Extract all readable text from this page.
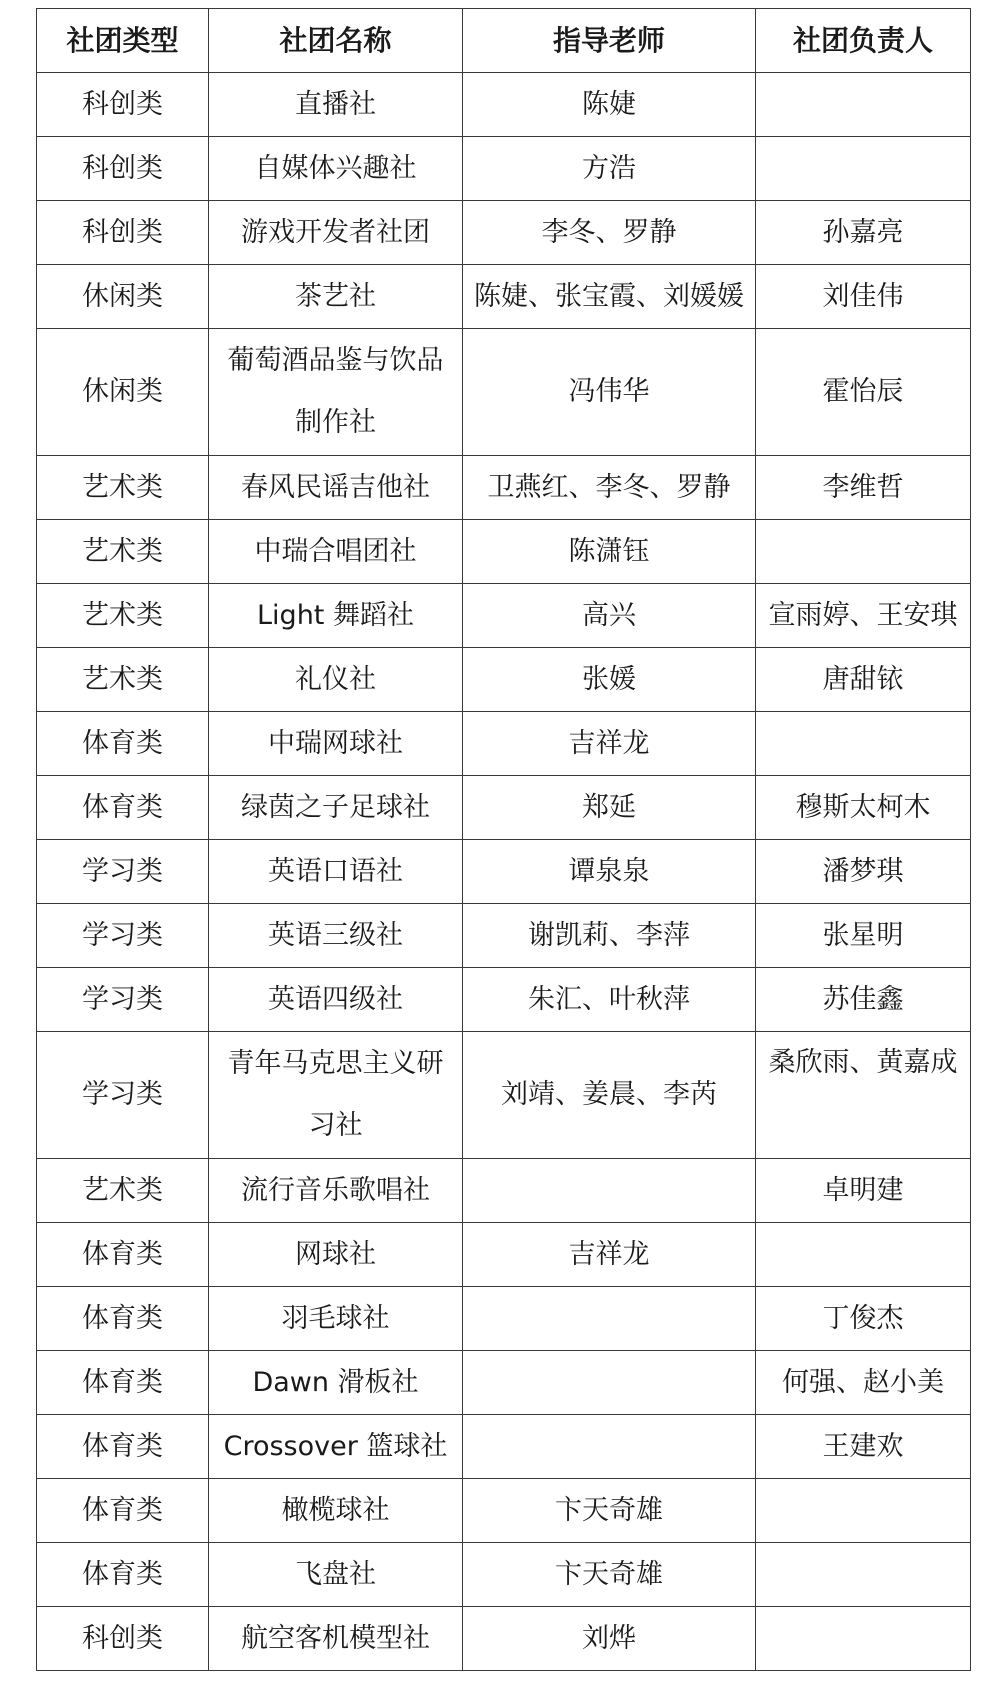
社团类型	社团名称	指导老师	社团负责人
科创类	直播社	陈婕	
科创类	自媒体兴趣社	方浩	
科创类	游戏开发者社团	李冬、罗静	孙嘉亮
休闲类	茶艺社	陈婕、张宝霞、刘媛媛	刘佳伟
休闲类	葡萄酒品鉴与饮品制作社	冯伟华	霍怡辰
艺术类	春风民谣吉他社	卫燕红、李冬、罗静	李维哲
艺术类	中瑞合唱团社	陈潇钰	
艺术类	Light 舞蹈社	高兴	宣雨婷、王安琪
艺术类	礼仪社	张媛	唐甜铱
体育类	中瑞网球社	吉祥龙	
体育类	绿茵之子足球社	郑延	穆斯太柯木
学习类	英语口语社	谭泉泉	潘梦琪
学习类	英语三级社	谢凯莉、李萍	张星明
学习类	英语四级社	朱汇、叶秋萍	苏佳鑫
学习类	青年马克思主义研习社	刘靖、姜晨、李芮	桑欣雨、黄嘉成
艺术类	流行音乐歌唱社		卓明建
体育类	网球社	吉祥龙	
体育类	羽毛球社		丁俊杰
体育类	Dawn 滑板社		何强、赵小美
体育类	Crossover 篮球社		王建欢
体育类	橄榄球社	卞天奇雄	
体育类	飞盘社	卞天奇雄	
科创类	航空客机模型社	刘烨	
